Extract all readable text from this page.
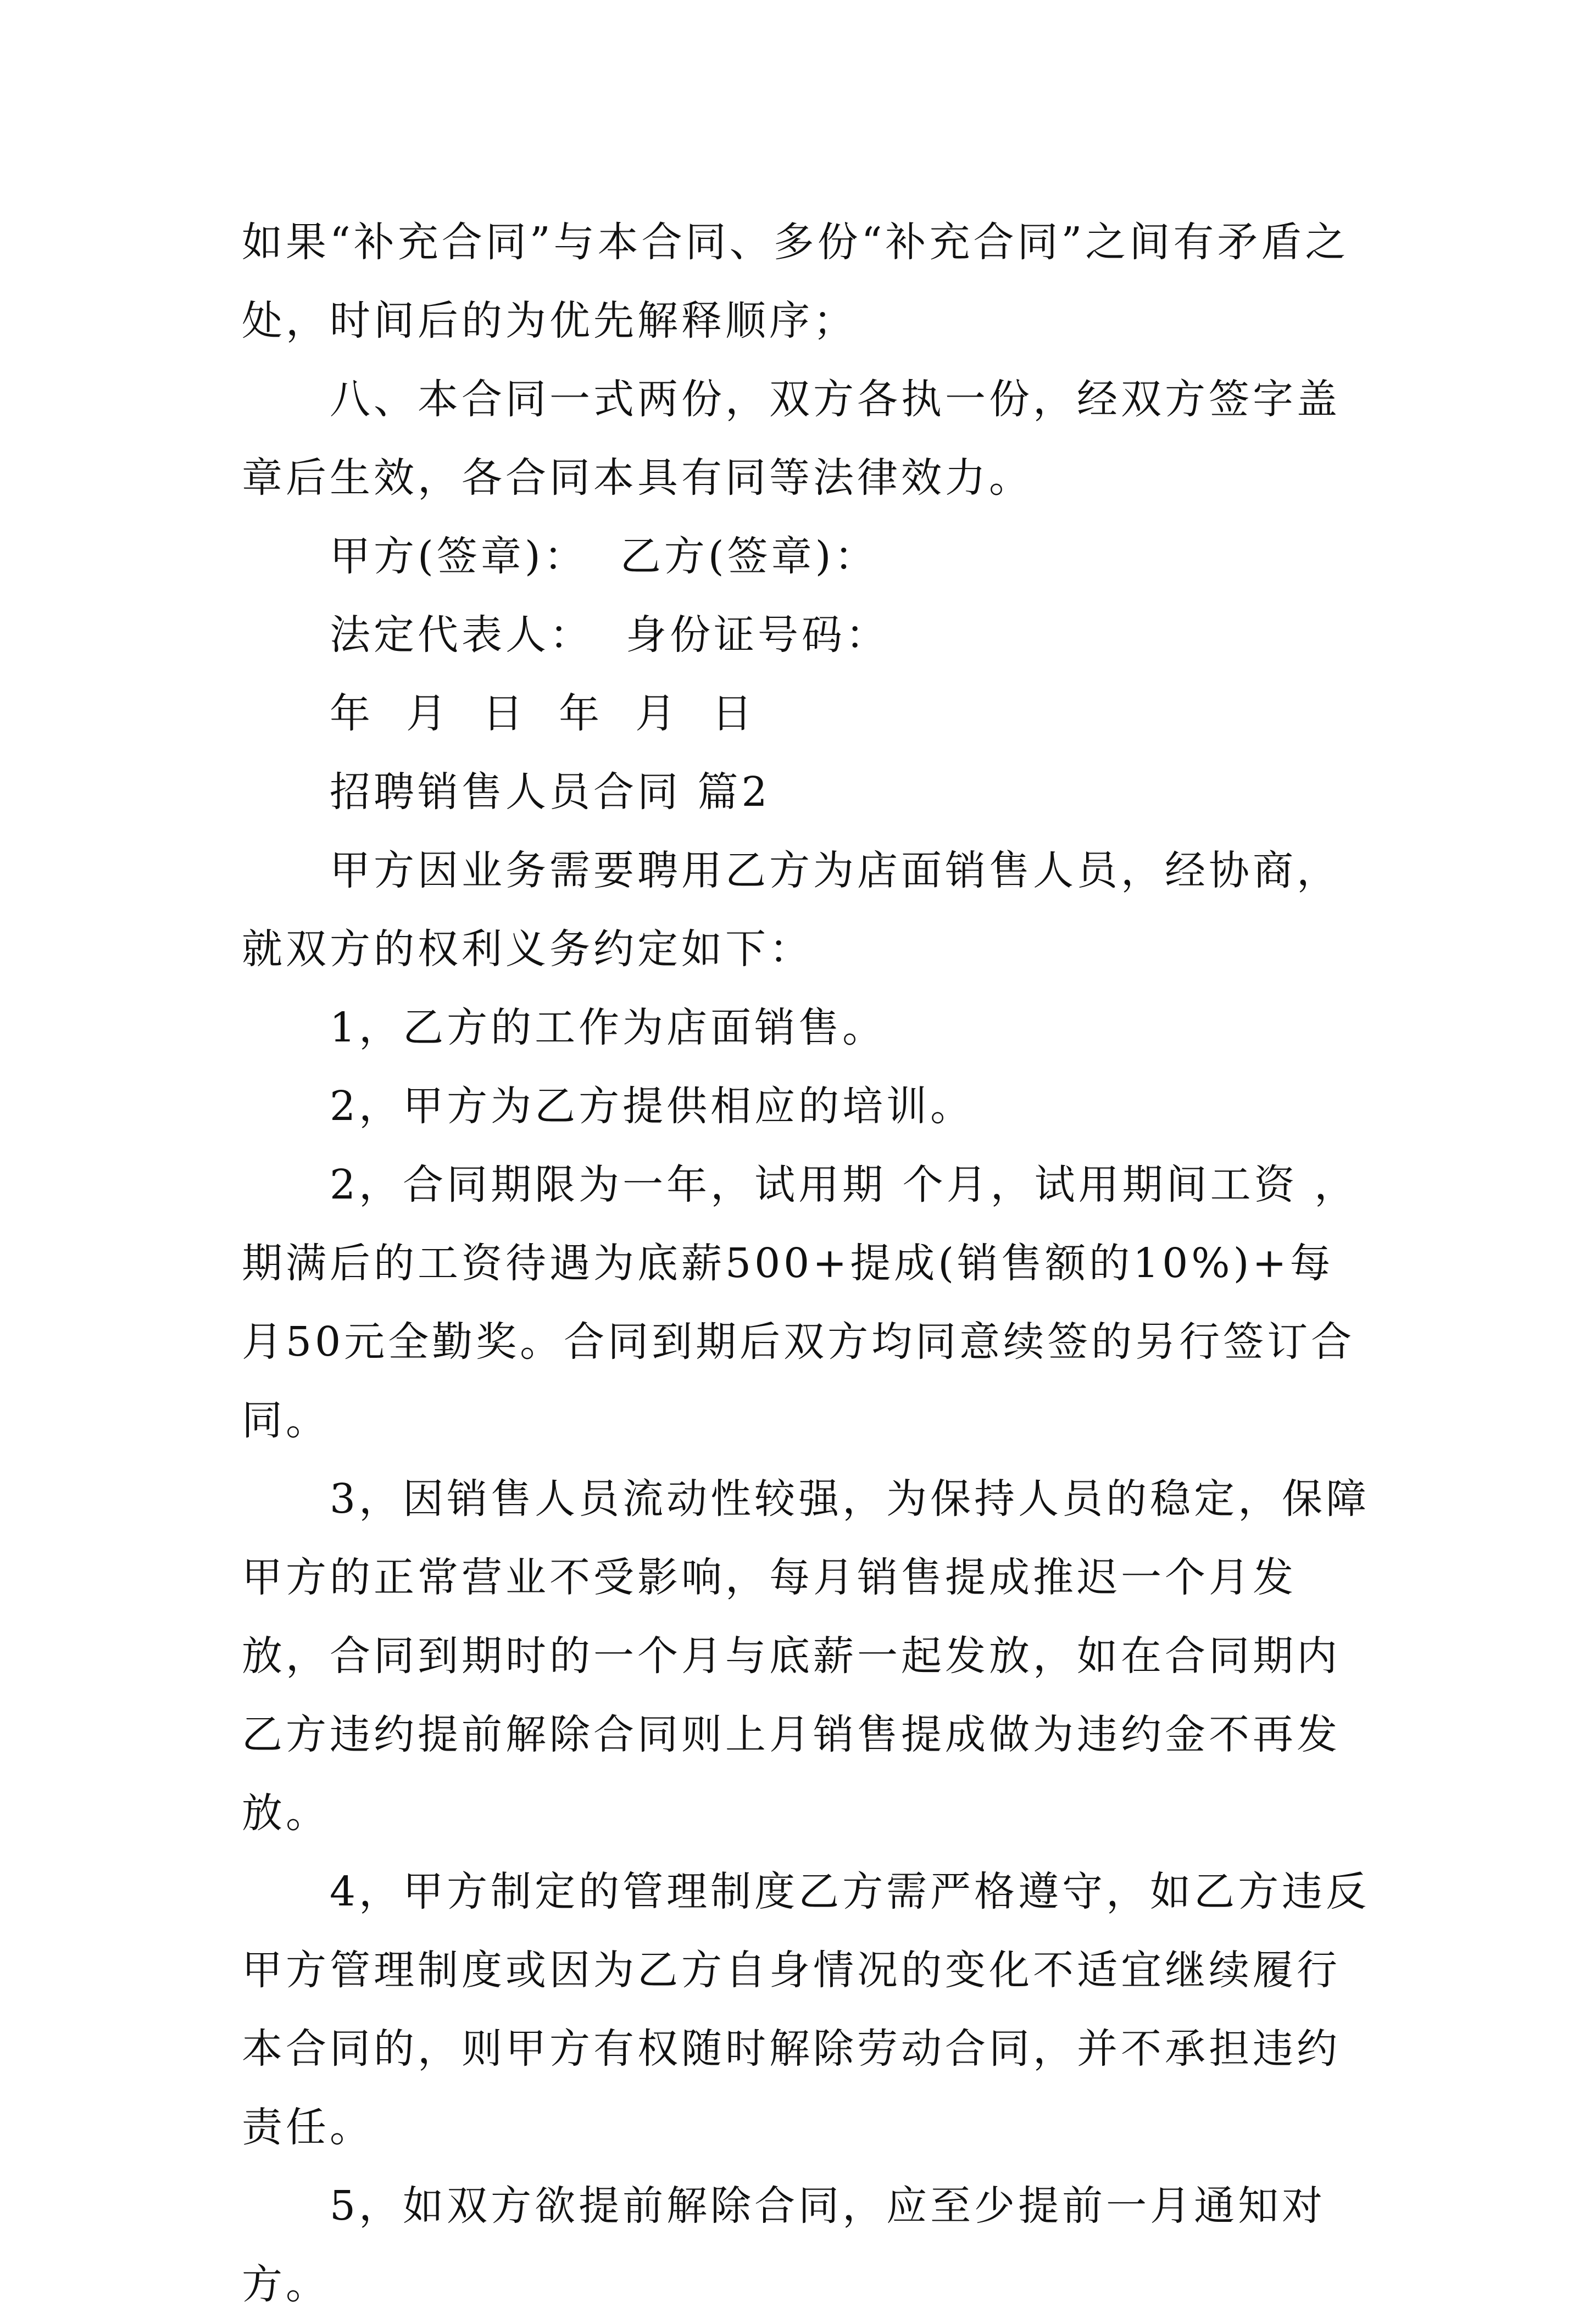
如果“补充合同”与本合同、多份“补充合同”之间有矛盾之处，时间后的为优先解释顺序；

八、本合同一式两份，双方各执一份，经双方签字盖章后生效，各合同本具有同等法律效力。

甲方(签章)：  乙方(签章)：

法定代表人：  身份证号码：

年  月  日  年  月  日

招聘销售人员合同 篇2

甲方因业务需要聘用乙方为店面销售人员，经协商，就双方的权利义务约定如下：

1，乙方的工作为店面销售。

2，甲方为乙方提供相应的培训。

2，合同期限为一年，试用期 个月，试用期间工资 ，期满后的工资待遇为底薪500+提成(销售额的10%)+每月50元全勤奖。合同到期后双方均同意续签的另行签订合同。

3，因销售人员流动性较强，为保持人员的稳定，保障甲方的正常营业不受影响，每月销售提成推迟一个月发放，合同到期时的一个月与底薪一起发放，如在合同期内乙方违约提前解除合同则上月销售提成做为违约金不再发放。

4，甲方制定的管理制度乙方需严格遵守，如乙方违反甲方管理制度或因为乙方自身情况的变化不适宜继续履行本合同的，则甲方有权随时解除劳动合同，并不承担违约责任。

5，如双方欲提前解除合同，应至少提前一月通知对方。
